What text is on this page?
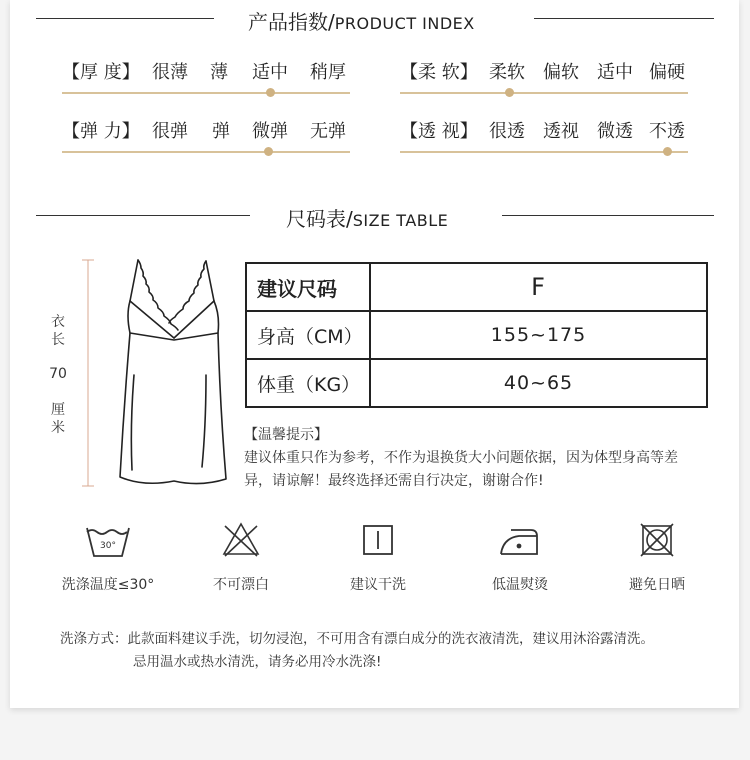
产品指数/PRODUCT INDEX
【厚 度】 很薄 薄 适中 稍厚	【柔 软】 柔软 偏软 适中 偏硬
【弹 力】 很弹 弹 微弹 无弹	【透 视】 很透 透视 微透 不透
尺码表/SIZE TABLE
衣
长
70
厘
米
建议尺码	F
身高（CM）	155~175
体重（KG）	40~65
【温馨提示】
建议体重只作为参考，不作为退换货大小问题依据，因为体型身高等差
异，请谅解！最终选择还需自行决定，谢谢合作!
30°
洗涤温度≤30°	不可漂白	建议干洗	低温熨烫	避免日晒
洗涤方式：此款面料建议手洗，切勿浸泡，不可用含有漂白成分的洗衣液清洗，建议用沐浴露清洗。
忌用温水或热水清洗，请务必用冷水洗涤!
